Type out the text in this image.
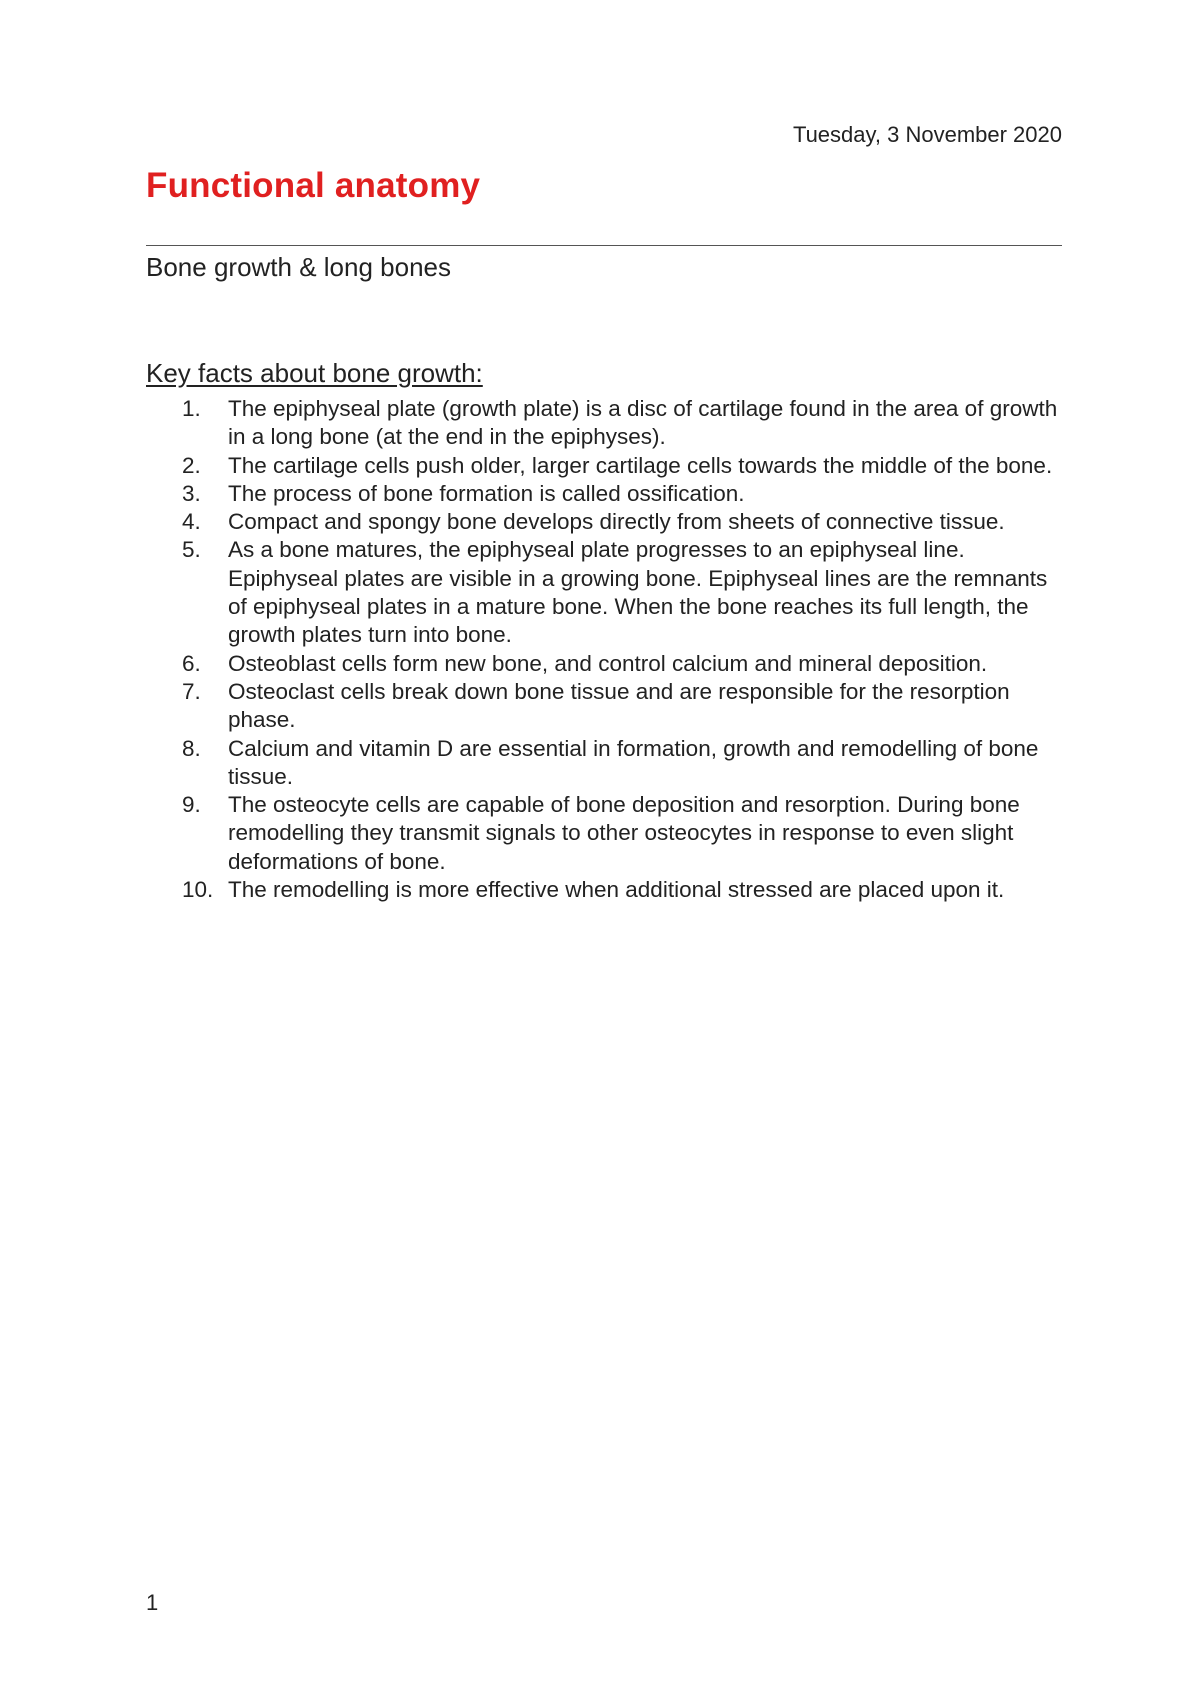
Tuesday, 3 November 2020
Functional anatomy
Bone growth & long bones
Key facts about bone growth:
1. The epiphyseal plate (growth plate) is a disc of cartilage found in the area of growth in a long bone (at the end in the epiphyses).
2. The cartilage cells push older, larger cartilage cells towards the middle of the bone.
3. The process of bone formation is called ossification.
4. Compact and spongy bone develops directly from sheets of connective tissue.
5. As a bone matures, the epiphyseal plate progresses to an epiphyseal line. Epiphyseal plates are visible in a growing bone. Epiphyseal lines are the remnants of epiphyseal plates in a mature bone. When the bone reaches its full length, the growth plates turn into bone.
6. Osteoblast cells form new bone, and control calcium and mineral deposition.
7. Osteoclast cells break down bone tissue and are responsible for the resorption phase.
8. Calcium and vitamin D are essential in formation, growth and remodelling of bone tissue.
9. The osteocyte cells are capable of bone deposition and resorption. During bone remodelling they transmit signals to other osteocytes in response to even slight deformations of bone.
10. The remodelling is more effective when additional stressed are placed upon it.
1
